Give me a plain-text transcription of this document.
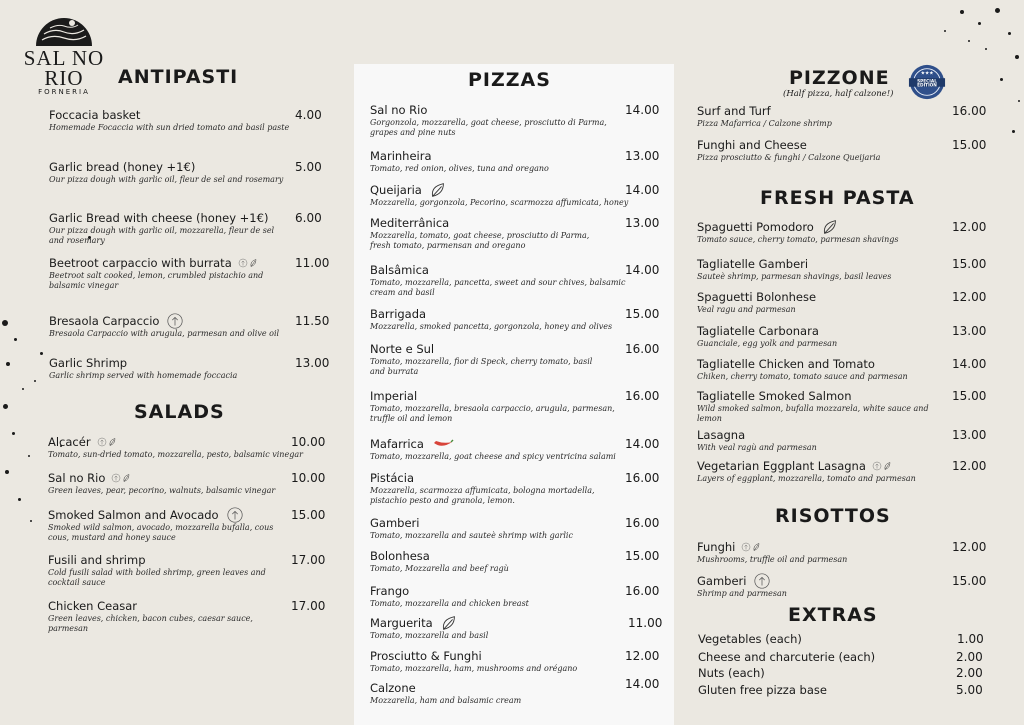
SAL NO RIO
FORNERIA
ANTIPASTI
SALADS
PIZZAS	PIZZONE
(Half pizza, half calzone!)
FRESH PASTA
RISOTTOS
EXTRAS
SPECIAL
EDITION
★★★
Foccacia basket	4.00
Homemade Focaccia with sun dried tomato and basil paste
Garlic bread (honey +1€)	5.00
Our pizza dough with garlic oil, fleur de sel and rosemary
Garlic Bread with cheese (honey +1€) 6.00
Our pizza dough with garlic oil, mozzarella, fleur de sel
and rosemary
Beetroot carpaccio with burrata	11.00
Beetroot salt cooked, lemon, crumbled pistachio and
balsamic vinegar
Bresaola Carpaccio	11.50
Bresaola Carpaccio with arugula, parmesan and olive oil
Garlic Shrimp	13.00
Garlic shrimp served with homemade foccacia
Alcacér	10.00
Tomato, sun-dried tomato, mozzarella, pesto, balsamic vinegar
Sal no Rio	10.00
Green leaves, pear, pecorino, walnuts, balsamic vinegar
Smoked Salmon and Avocado	15.00
Smoked wild salmon, avocado, mozzarella bufalla, cous
cous, mustard and honey sauce
Fusili and shrimp	17.00
Cold fusili salad with boiled shrimp, green leaves and
cocktail sauce
Chicken Ceasar	17.00
Green leaves, chicken, bacon cubes, caesar sauce,
parmesan
Sal no Rio	14.00
Gorgonzola, mozzarella, goat cheese, prosciutto di Parma,
grapes and pine nuts
Marinheira	13.00
Tomato, red onion, olives, tuna and oregano
Queijaria	14.00
Mozzarella, gorgonzola, Pecorino, scarmozza affumicata, honey
Mediterrânica	13.00
Mozzarella, tomato, goat cheese, prosciutto di Parma,
fresh tomato, parmensan and oregano
Balsâmica	14.00
Tomato, mozzarella, pancetta, sweet and sour chives, balsamic
cream and basil
Barrigada	15.00
Mozzarella, smoked pancetta, gorgonzola, honey and olives
Norte e Sul	16.00
Tomato, mozzarella, fior di Speck, cherry tomato, basil
and burrata
Imperial	16.00
Tomato, mozzarella, bresaola carpaccio, arugula, parmesan,
truffle oil and lemon
Mafarrica	14.00
Tomato, mozzarella, goat cheese and spicy ventricina salami
Pistácia	16.00
Mozzarella, scarmozza affumicata, bologna mortadella,
pistachio pesto and granola, lemon.
Gamberi	16.00
Tomato, mozzarella and sauteè shrimp with garlic
Bolonhesa	15.00
Tomato, Mozzarella and beef ragù
Frango	16.00
Tomato, mozzarella and chicken breast
Marguerita	11.00
Tomato, mozzarella and basil
Prosciutto & Funghi	12.00
Tomato, mozzarella, ham, mushrooms and orégano
Calzone	14.00
Mozzarella, ham and balsamic cream
Surf and Turf	16.00
Pizza Mafarrica / Calzone shrimp
Funghi and Cheese	15.00
Pizza prosciutto & funghi / Calzone Queijaria
Spaguetti Pomodoro	12.00
Tomato sauce, cherry tomato, parmesan shavings
Tagliatelle Gamberi	15.00
Sauteè shrimp, parmesan shavings, basil leaves
Spaguetti Bolonhese	12.00
Veal ragu and parmesan
Tagliatelle Carbonara	13.00
Guanciale, egg yolk and parmesan
Tagliatelle Chicken and Tomato	14.00
Chiken, cherry tomato, tomato sauce and parmesan
Tagliatelle Smoked Salmon	15.00
Wild smoked salmon, bufalla mozzarela, white sauce and
lemon
Lasagna	13.00
With veal ragù and parmesan
Vegetarian Eggplant Lasagna	12.00
Layers of eggplant, mozzarella, tomato and parmesan
Funghi	12.00
Mushrooms, truffle oil and parmesan
Gamberi	15.00
Shrimp and parmesan
Vegetables (each)	1.00
Cheese and charcuterie (each)	2.00
Nuts (each)	2.00
Gluten free pizza base	5.00
